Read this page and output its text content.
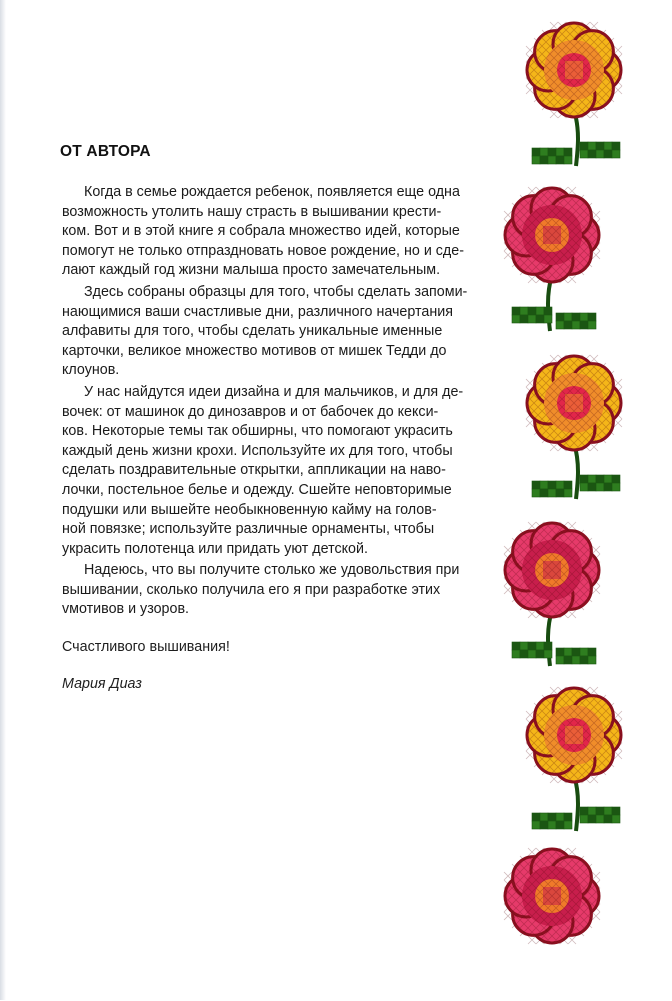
ОТ АВТОРА

Когда в семье рождается ребенок, появляется еще одна
возможность утолить нашу страсть в вышивании крести-
ком. Вот и в этой книге я собрала множество идей, которые
помогут не только отпраздновать новое рождение, но и сде-
лают каждый год жизни малыша просто замечательным.

Здесь собраны образцы для того, чтобы сделать запоми-
нающимися ваши счастливые дни, различного начертания
алфавиты для того, чтобы сделать уникальные именные
карточки, великое множество мотивов от мишек Тедди до
клоунов.

У нас найдутся идеи дизайна и для мальчиков, и для де-
вочек: от машинок до динозавров и от бабочек до кекси-
ков. Некоторые темы так обширны, что помогают украсить
каждый день жизни крохи. Используйте их для того, чтобы
сделать поздравительные открытки, аппликации на наво-
лочки, постельное белье и одежду. Сшейте неповторимые
подушки или вышейте необыкновенную кайму на голов-
ной повязке; используйте различные орнаменты, чтобы
украсить полотенца или придать уют детской.

Надеюсь, что вы получите столько же удовольствия при
вышивании, сколько получила его я при разработке этих
vмотивов и узоров.

Счастливого вышивания!

Мария Диаз
